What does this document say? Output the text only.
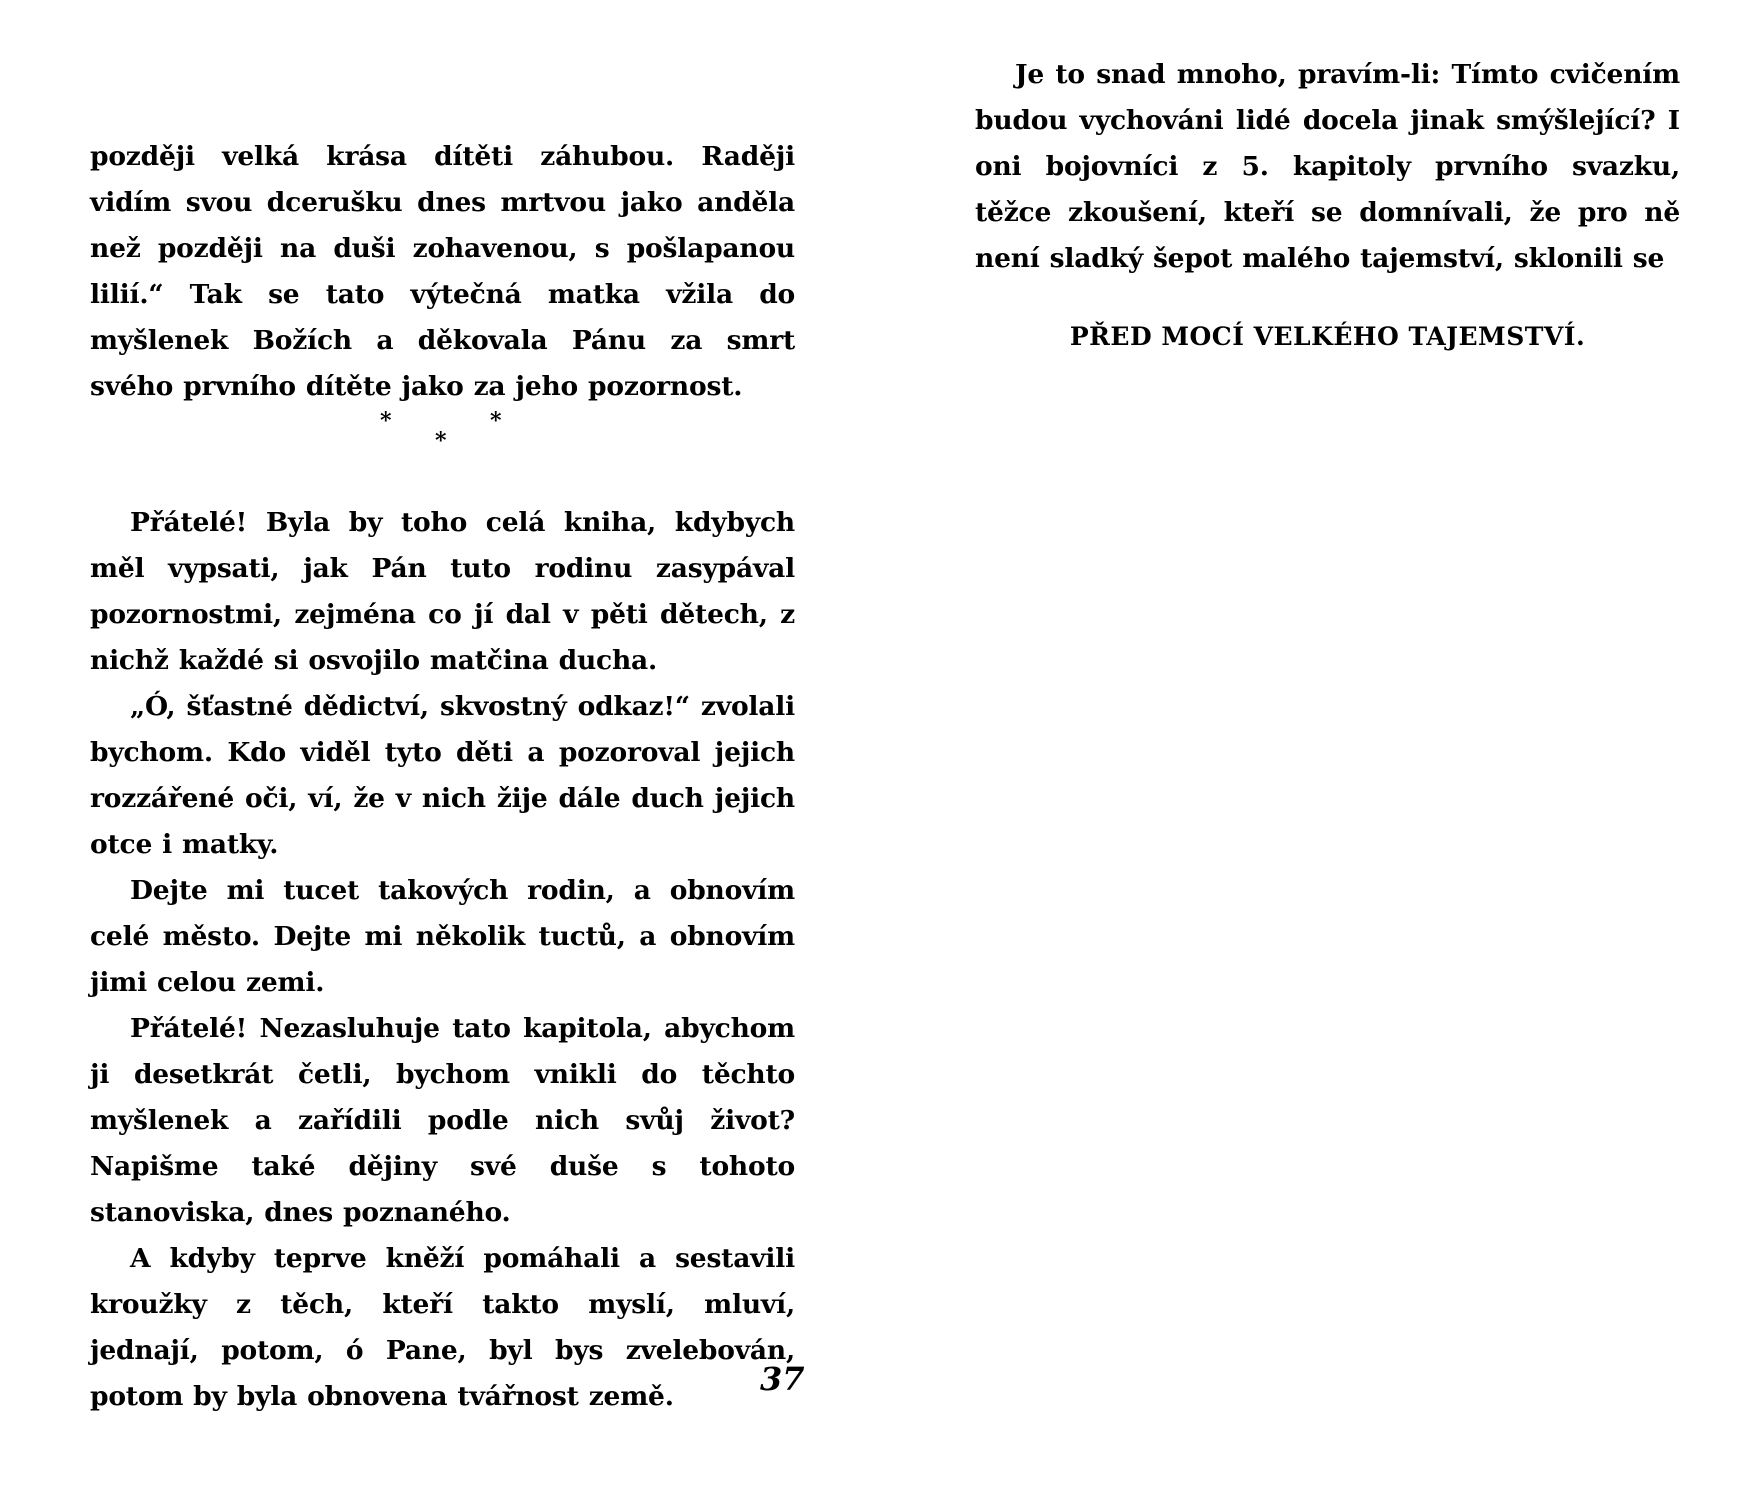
později velká krása dítěti záhubou. Raději vidím svou dcerušku dnes mrtvou jako anděla než později na duši zohavenou, s pošlapanou lilií.“ Tak se tato výtečná matka vžila do myšlenek Božích a děkovala Pánu za smrt svého prvního dítěte jako za jeho pozornost.

*
*
*

Přátelé! Byla by toho celá kniha, kdybych měl vypsati, jak Pán tuto rodinu zasypával pozornostmi, zejména co jí dal v pěti dětech, z nichž každé si osvojilo matčina ducha.

„Ó, šťastné dědictví, skvostný odkaz!“ zvolali bychom. Kdo viděl tyto děti a pozoroval jejich rozzářené oči, ví, že v nich žije dále duch jejich otce i matky.

Dejte mi tucet takových rodin, a obnovím celé město. Dejte mi několik tuctů, a obnovím jimi celou zemi.

Přátelé! Nezasluhuje tato kapitola, abychom ji desetkrát četli, bychom vnikli do těchto myšlenek a zařídili podle nich svůj život? Napišme také dějiny své duše s tohoto stanoviska, dnes poznaného.

A kdyby teprve kněží pomáhali a sestavili kroužky z těch, kteří takto myslí, mluví, jednají, potom, ó Pane, byl bys zvelebován, potom by byla obnovena tvářnost země.	37

Je to snad mnoho, pravím-li: Tímto cvičením budou vychováni lidé docela jinak smýšlející? I oni bojovníci z 5. kapitoly prvního svazku, těžce zkoušení, kteří se domnívali, že pro ně není sladký šepot malého tajemství, sklonili se

PŘED MOCÍ VELKÉHO TAJEMSTVÍ.
